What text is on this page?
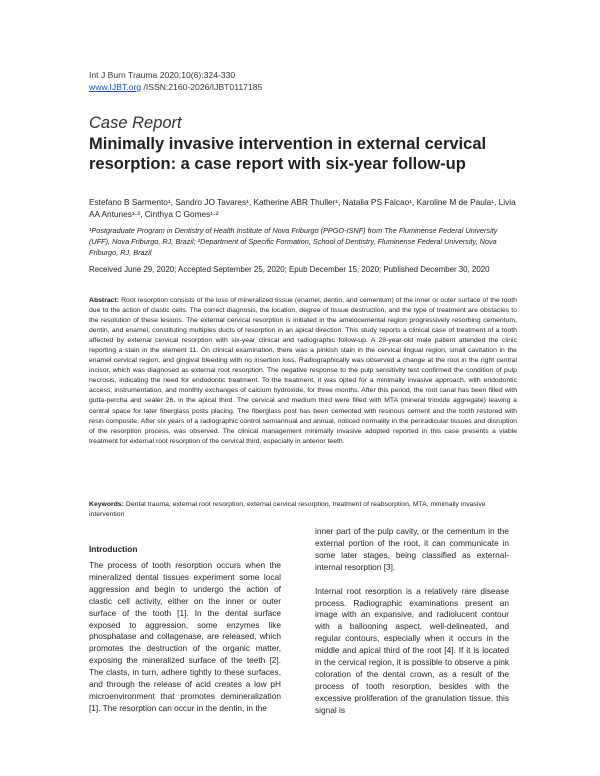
Int J Burn Trauma 2020;10(6):324-330
www.IJBT.org /ISSN:2160-2026/IJBT0117185
Case Report
Minimally invasive intervention in external cervical resorption: a case report with six-year follow-up
Estefano B Sarmento¹, Sandro JO Tavares¹, Katherine ABR Thuller¹, Natalia PS Falcao¹, Karoline M de Paula¹, Livia AA Antunes¹·², Cinthya C Gomes¹·²
¹Postgraduate Program in Dentistry of Health Institute of Nova Friburgo (PPGO-ISNF) from The Fluminense Federal University (UFF), Nova Friburgo, RJ, Brazil; ²Department of Specific Formation, School of Dentistry, Fluminense Federal University, Nova Friburgo, RJ, Brazil
Received June 29, 2020; Accepted September 25, 2020; Epub December 15, 2020; Published December 30, 2020
Abstract: Root resorption consists of the loss of mineralized tissue (enamel, dentin, and cementum) of the inner or outer surface of the tooth due to the action of clastic cells. The correct diagnosis, the location, degree of tissue destruction, and the type of treatment are obstacles to the resolution of these lesions. The external cervical resorption is initiated in the amelocemental region progressively resorbing cementum, dentin, and enamel, constituting multiples ducts of resorption in an apical direction. This study reports a clinical case of treatment of a tooth affected by external cervical resorption with six-year clinical and radiographic follow-up. A 28-year-old male patient attended the clinic reporting a stain in the element 11. On clinical examination, there was a pinkish stain in the cervical lingual region, small cavitation in the enamel cervical region, and gingival bleeding with no insertion loss. Radiographically was observed a change at the root in the right central incisor, which was diagnosed as external root resorption. The negative response to the pulp sensitivity test confirmed the condition of pulp necrosis, indicating the need for endodontic treatment. To the treatment, it was opted for a minimally invasive approach, with endodontic access, instrumentation, and monthly exchanges of calcium hydroxide, for three months. After this period, the root canal has been filled with gutta-percha and sealer 26, in the apical third. The cervical and medium third were filled with MTA (mineral trioxide aggregate) leaving a central space for later fiberglass posts placing. The fiberglass post has been cemented with resinous cement and the tooth restored with resin composite. After six years of a radiographic control semiannual and annual, noticed normality in the periradicular tissues and disruption of the resorption process, was observed. The clinical management minimally invasive adopted reported in this case presents a viable treatment for external root resorption of the cervical third, especially in anterior teeth.
Keywords: Dental trauma, external root resorption, external cervical resorption, treatment of reabsorption, MTA, minimally invasive intervention
Introduction

The process of tooth resorption occurs when the mineralized dental tissues experiment some local aggression and begin to undergo the action of clastic cell activity, either on the inner or outer surface of the tooth [1]. In the dental surface exposed to aggression, some enzymes like phosphatase and collagenase, are released, which promotes the destruction of the organic matter, exposing the mineralized surface of the teeth [2]. The clasts, in turn, adhere tightly to these surfaces, and through the release of acid creates a low pH microenvironment that promotes demineralization [1]. The resorption can occur in the dentin, in the

inner part of the pulp cavity, or the cementum in the external portion of the root, it can communicate in some later stages, being classified as external-internal resorption [3].

Internal root resorption is a relatively rare disease process. Radiographic examinations present an image with an expansive, and radiolucent contour with a ballooning aspect, well-delineated, and regular contours, especially when it occurs in the middle and apical third of the root [4]. If it is located in the cervical region, it is possible to observe a pink coloration of the dental crown, as a result of the process of tooth resorption, besides with the excessive proliferation of the granulation tissue, this signal is
